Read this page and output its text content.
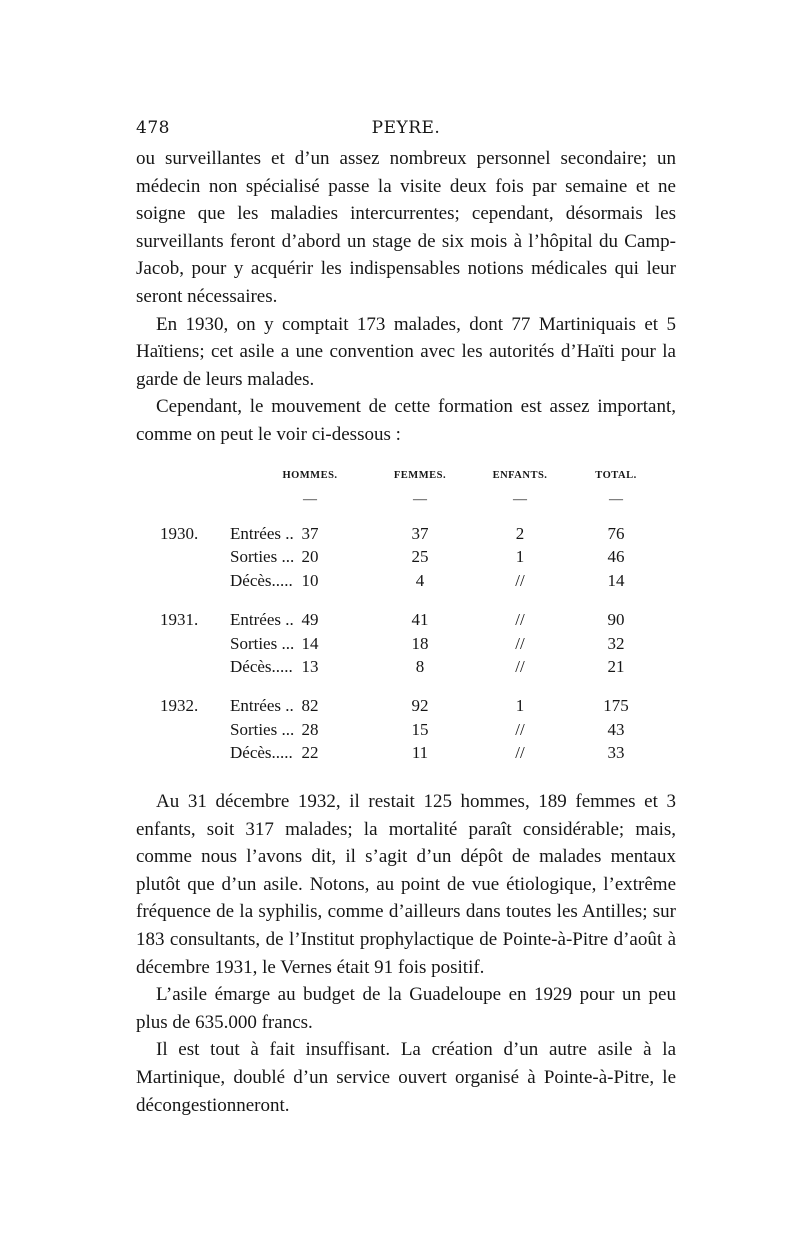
478	PEYRE.

ou surveillantes et d’un assez nombreux personnel secondaire; un médecin non spécialisé passe la visite deux fois par semaine et ne soigne que les maladies intercurrentes; cependant, désormais les surveillants feront d’abord un stage de six mois à l’hôpital du Camp-Jacob, pour y acquérir les indispensables notions médicales qui leur seront nécessaires.

En 1930, on y comptait 173 malades, dont 77 Martiniquais et 5 Haïtiens; cet asile a une convention avec les autorités d’Haïti pour la garde de leurs malades.

Cependant, le mouvement de cette formation est assez important, comme on peut le voir ci-dessous :

HOMMES.	FEMMES.	ENFANTS.	TOTAL.
—	—	—	—
1930. Entrées .. 37	37	2	76
Sorties ... 20	25	1	46
Décès..... 10	4	//	14
1931. Entrées .. 49	41	//	90
Sorties ... 14	18	//	32
Décès..... 13	8	//	21
1932. Entrées .. 82	92	1	175
Sorties ... 28	15	//	43
Décès..... 22	11	//	33

Au 31 décembre 1932, il restait 125 hommes, 189 femmes et 3 enfants, soit 317 malades; la mortalité paraît considérable; mais, comme nous l’avons dit, il s’agit d’un dépôt de malades mentaux plutôt que d’un asile. Notons, au point de vue étiologique, l’extrême fréquence de la syphilis, comme d’ailleurs dans toutes les Antilles; sur 183 consultants, de l’Institut prophylactique de Pointe-à-Pitre d’août à décembre 1931, le Vernes était 91 fois positif.

L’asile émarge au budget de la Guadeloupe en 1929 pour un peu plus de 635.000 francs.

Il est tout à fait insuffisant. La création d’un autre asile à la Martinique, doublé d’un service ouvert organisé à Pointe-à-Pitre, le décongestionneront.
